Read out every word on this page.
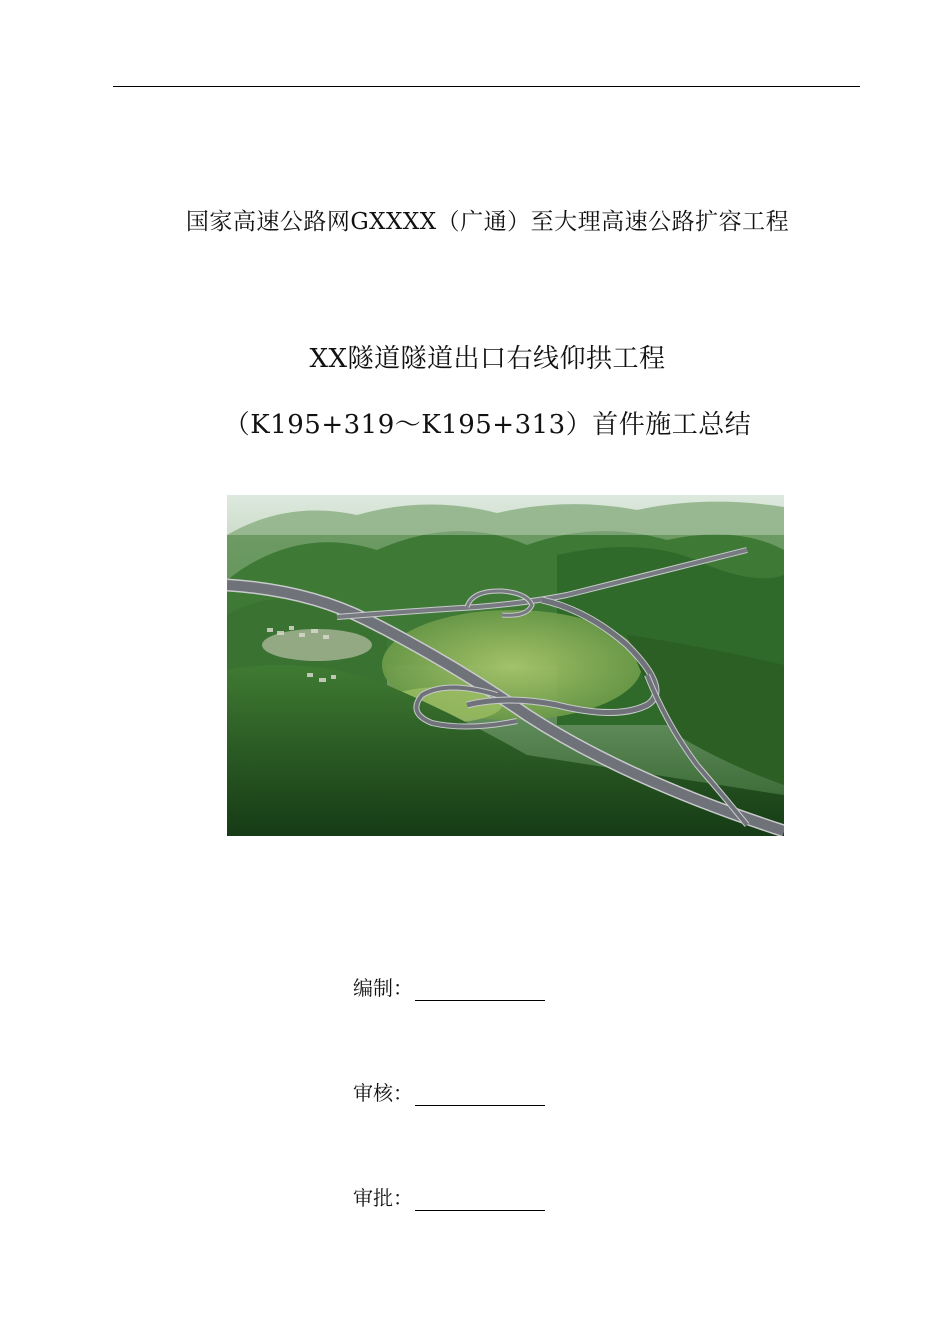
国家高速公路网GXXXX（广通）至大理高速公路扩容工程
XX隧道隧道出口右线仰拱工程
（K195+319～K195+313）首件施工总结
编制：
审核：
审批：
